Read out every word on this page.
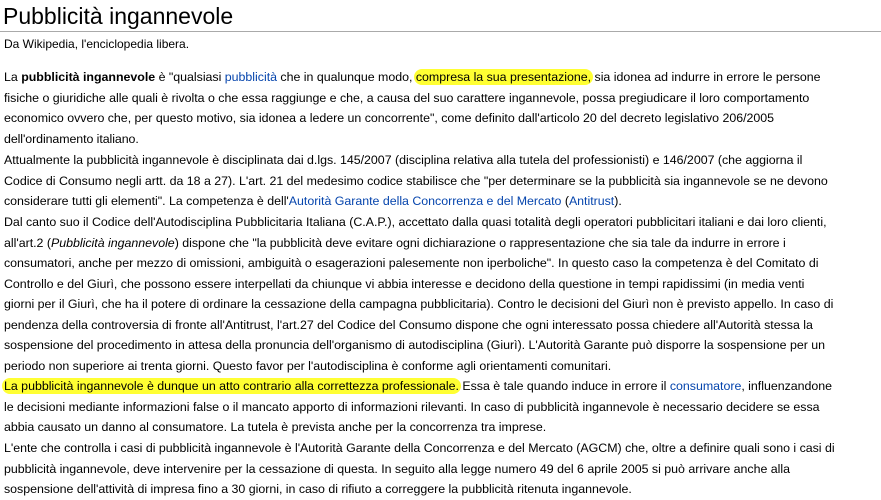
Pubblicità ingannevole
Da Wikipedia, l'enciclopedia libera.
La pubblicità ingannevole è "qualsiasi pubblicità che in qualunque modo, compresa la sua presentazione, sia idonea ad indurre in errore le persone
fisiche o giuridiche alle quali è rivolta o che essa raggiunge e che, a causa del suo carattere ingannevole, possa pregiudicare il loro comportamento
economico ovvero che, per questo motivo, sia idonea a ledere un concorrente", come definito dall'articolo 20 del decreto legislativo 206/2005
dell'ordinamento italiano.
Attualmente la pubblicità ingannevole è disciplinata dai d.lgs. 145/2007 (disciplina relativa alla tutela del professionisti) e 146/2007 (che aggiorna il
Codice di Consumo negli artt. da 18 a 27). L'art. 21 del medesimo codice stabilisce che "per determinare se la pubblicità sia ingannevole se ne devono
considerare tutti gli elementi". La competenza è dell'Autorità Garante della Concorrenza e del Mercato (Antitrust).
Dal canto suo il Codice dell'Autodisciplina Pubblicitaria Italiana (C.A.P.), accettato dalla quasi totalità degli operatori pubblicitari italiani e dai loro clienti,
all'art.2 (Pubblicità ingannevole) dispone che "la pubblicità deve evitare ogni dichiarazione o rappresentazione che sia tale da indurre in errore i
consumatori, anche per mezzo di omissioni, ambiguità o esagerazioni palesemente non iperboliche". In questo caso la competenza è del Comitato di
Controllo e del Giurì, che possono essere interpellati da chiunque vi abbia interesse e decidono della questione in tempi rapidissimi (in media venti
giorni per il Giurì, che ha il potere di ordinare la cessazione della campagna pubblicitaria). Contro le decisioni del Giurì non è previsto appello. In caso di
pendenza della controversia di fronte all'Antitrust, l'art.27 del Codice del Consumo dispone che ogni interessato possa chiedere all'Autorità stessa la
sospensione del procedimento in attesa della pronuncia dell'organismo di autodisciplina (Giurì). L'Autorità Garante può disporre la sospensione per un
periodo non superiore ai trenta giorni. Questo favor per l'autodisciplina è conforme agli orientamenti comunitari.
La pubblicità ingannevole è dunque un atto contrario alla correttezza professionale. Essa è tale quando induce in errore il consumatore, influenzandone
le decisioni mediante informazioni false o il mancato apporto di informazioni rilevanti. In caso di pubblicità ingannevole è necessario decidere se essa
abbia causato un danno al consumatore. La tutela è prevista anche per la concorrenza tra imprese.
L'ente che controlla i casi di pubblicità ingannevole è l'Autorità Garante della Concorrenza e del Mercato (AGCM) che, oltre a definire quali sono i casi di
pubblicità ingannevole, deve intervenire per la cessazione di questa. In seguito alla legge numero 49 del 6 aprile 2005 si può arrivare anche alla
sospensione dell'attività di impresa fino a 30 giorni, in caso di rifiuto a correggere la pubblicità ritenuta ingannevole.
